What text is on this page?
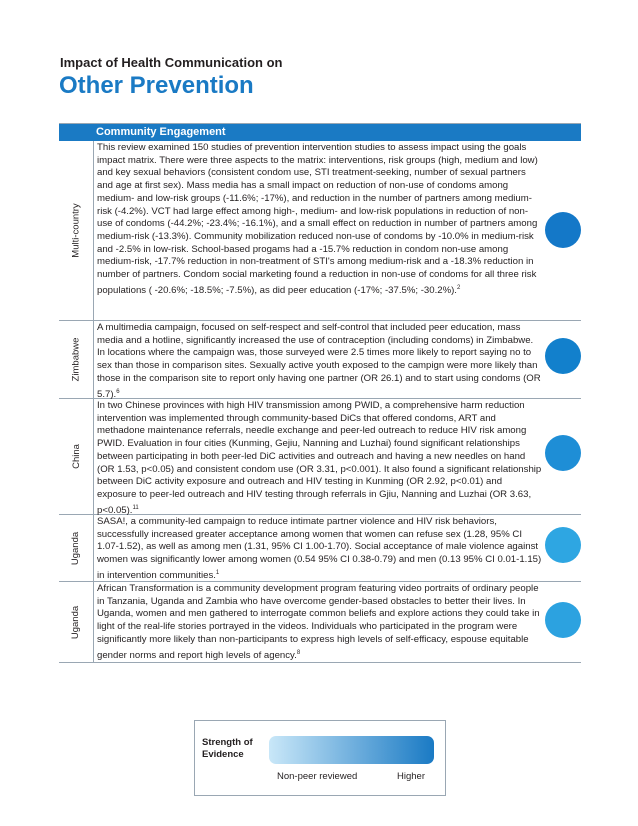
Impact of Health Communication on
Other Prevention
Community Engagement
Multi-country
This review examined 150 studies of prevention intervention studies to assess impact using the goals impact matrix. There were three aspects to the matrix: interventions, risk groups (high, medium and low) and key sexual behaviors (consistent condom use, STI treatment-seeking, number of sexual partners and age at first sex). Mass media has a small impact on reduction of non-use of condoms among medium- and low-risk groups (-11.6%; -17%), and reduction in the number of partners among medium-risk (-4.2%). VCT had large effect among high-, medium- and low-risk populations in reduction of non-use of condoms (-44.2%; -23.4%; -16.1%), and a small effect on reduction in number of partners among medium-risk (-13.3%). Community mobilization reduced non-use of condoms by -10.0% in medium-risk and -2.5% in low-risk. School-based progams had a -15.7% reduction in condom non-use among medium-risk, -17.7% reduction in non-treatment of STI's among medium-risk and a -18.3% reduction in number of partners. Condom social marketing found a reduction in non-use of condoms for all three risk populations ( -20.6%; -18.5%; -7.5%), as did peer education (-17%; -37.5%; -30.2%).$^2$
Zimbabwe
A multimedia campaign, focused on self-respect and self-control that included peer education, mass media and a hotline, significantly increased the use of contraception (including condoms) in Zimbabwe. In locations where the campaign was, those surveyed were 2.5 times more likely to report saying no to sex than those in comparison sites. Sexually active youth exposed to the campign were more likely than those in the comparison site to report only having one partner (OR 26.1) and to start using condoms (OR 5.7).$^6$
China
In two Chinese provinces with high HIV transmission among PWID, a comprehensive harm reduction intervention was implemented through community-based DiCs that offered condoms, ART and methadone maintenance referrals, needle exchange and peer-led outreach to reduce HIV risk among PWID. Evaluation in four cities (Kunming, Gejiu, Nanning and Luzhai) found significant relationships between participating in both peer-led DiC activities and outreach and having a new needles on hand (OR 1.53, p<0.05) and consistent condom use (OR 3.31, p<0.001). It also found a significant relationship between DiC activity exposure and outreach and HIV testing in Kunming (OR 2.92, p<0.01) and exposure to peer-led outreach and HIV testing through referrals in Gjiu, Nanning and Luzhai (OR 3.63, p<0.05).$^{11}$
Uganda
SASA!, a community-led campaign to reduce intimate partner violence and HIV risk behaviors, successfully increased greater acceptance among women that women can refuse sex (1.28, 95% CI 1.07-1.52), as well as among men (1.31, 95% CI 1.00-1.70). Social acceptance of male violence against women was significantly lower among women (0.54 95% CI 0.38-0.79) and men (0.13 95% CI 0.01-1.15) in intervention communities.$^1$
Uganda
African Transformation is a community development program featuring video portraits of ordinary people in Tanzania, Uganda and Zambia who have overcome gender-based obstacles to better their lives. In Uganda, women and men gathered to interrogate common beliefs and explore actions they could take in light of the real-life stories portrayed in the videos. Individuals who participated in the program were significantly more likely than non-participants to express high levels of self-efficacy, espouse equitable gender norms and report high levels of agency.$^8$
Strength of Evidence
Non-peer reviewed	Higher
